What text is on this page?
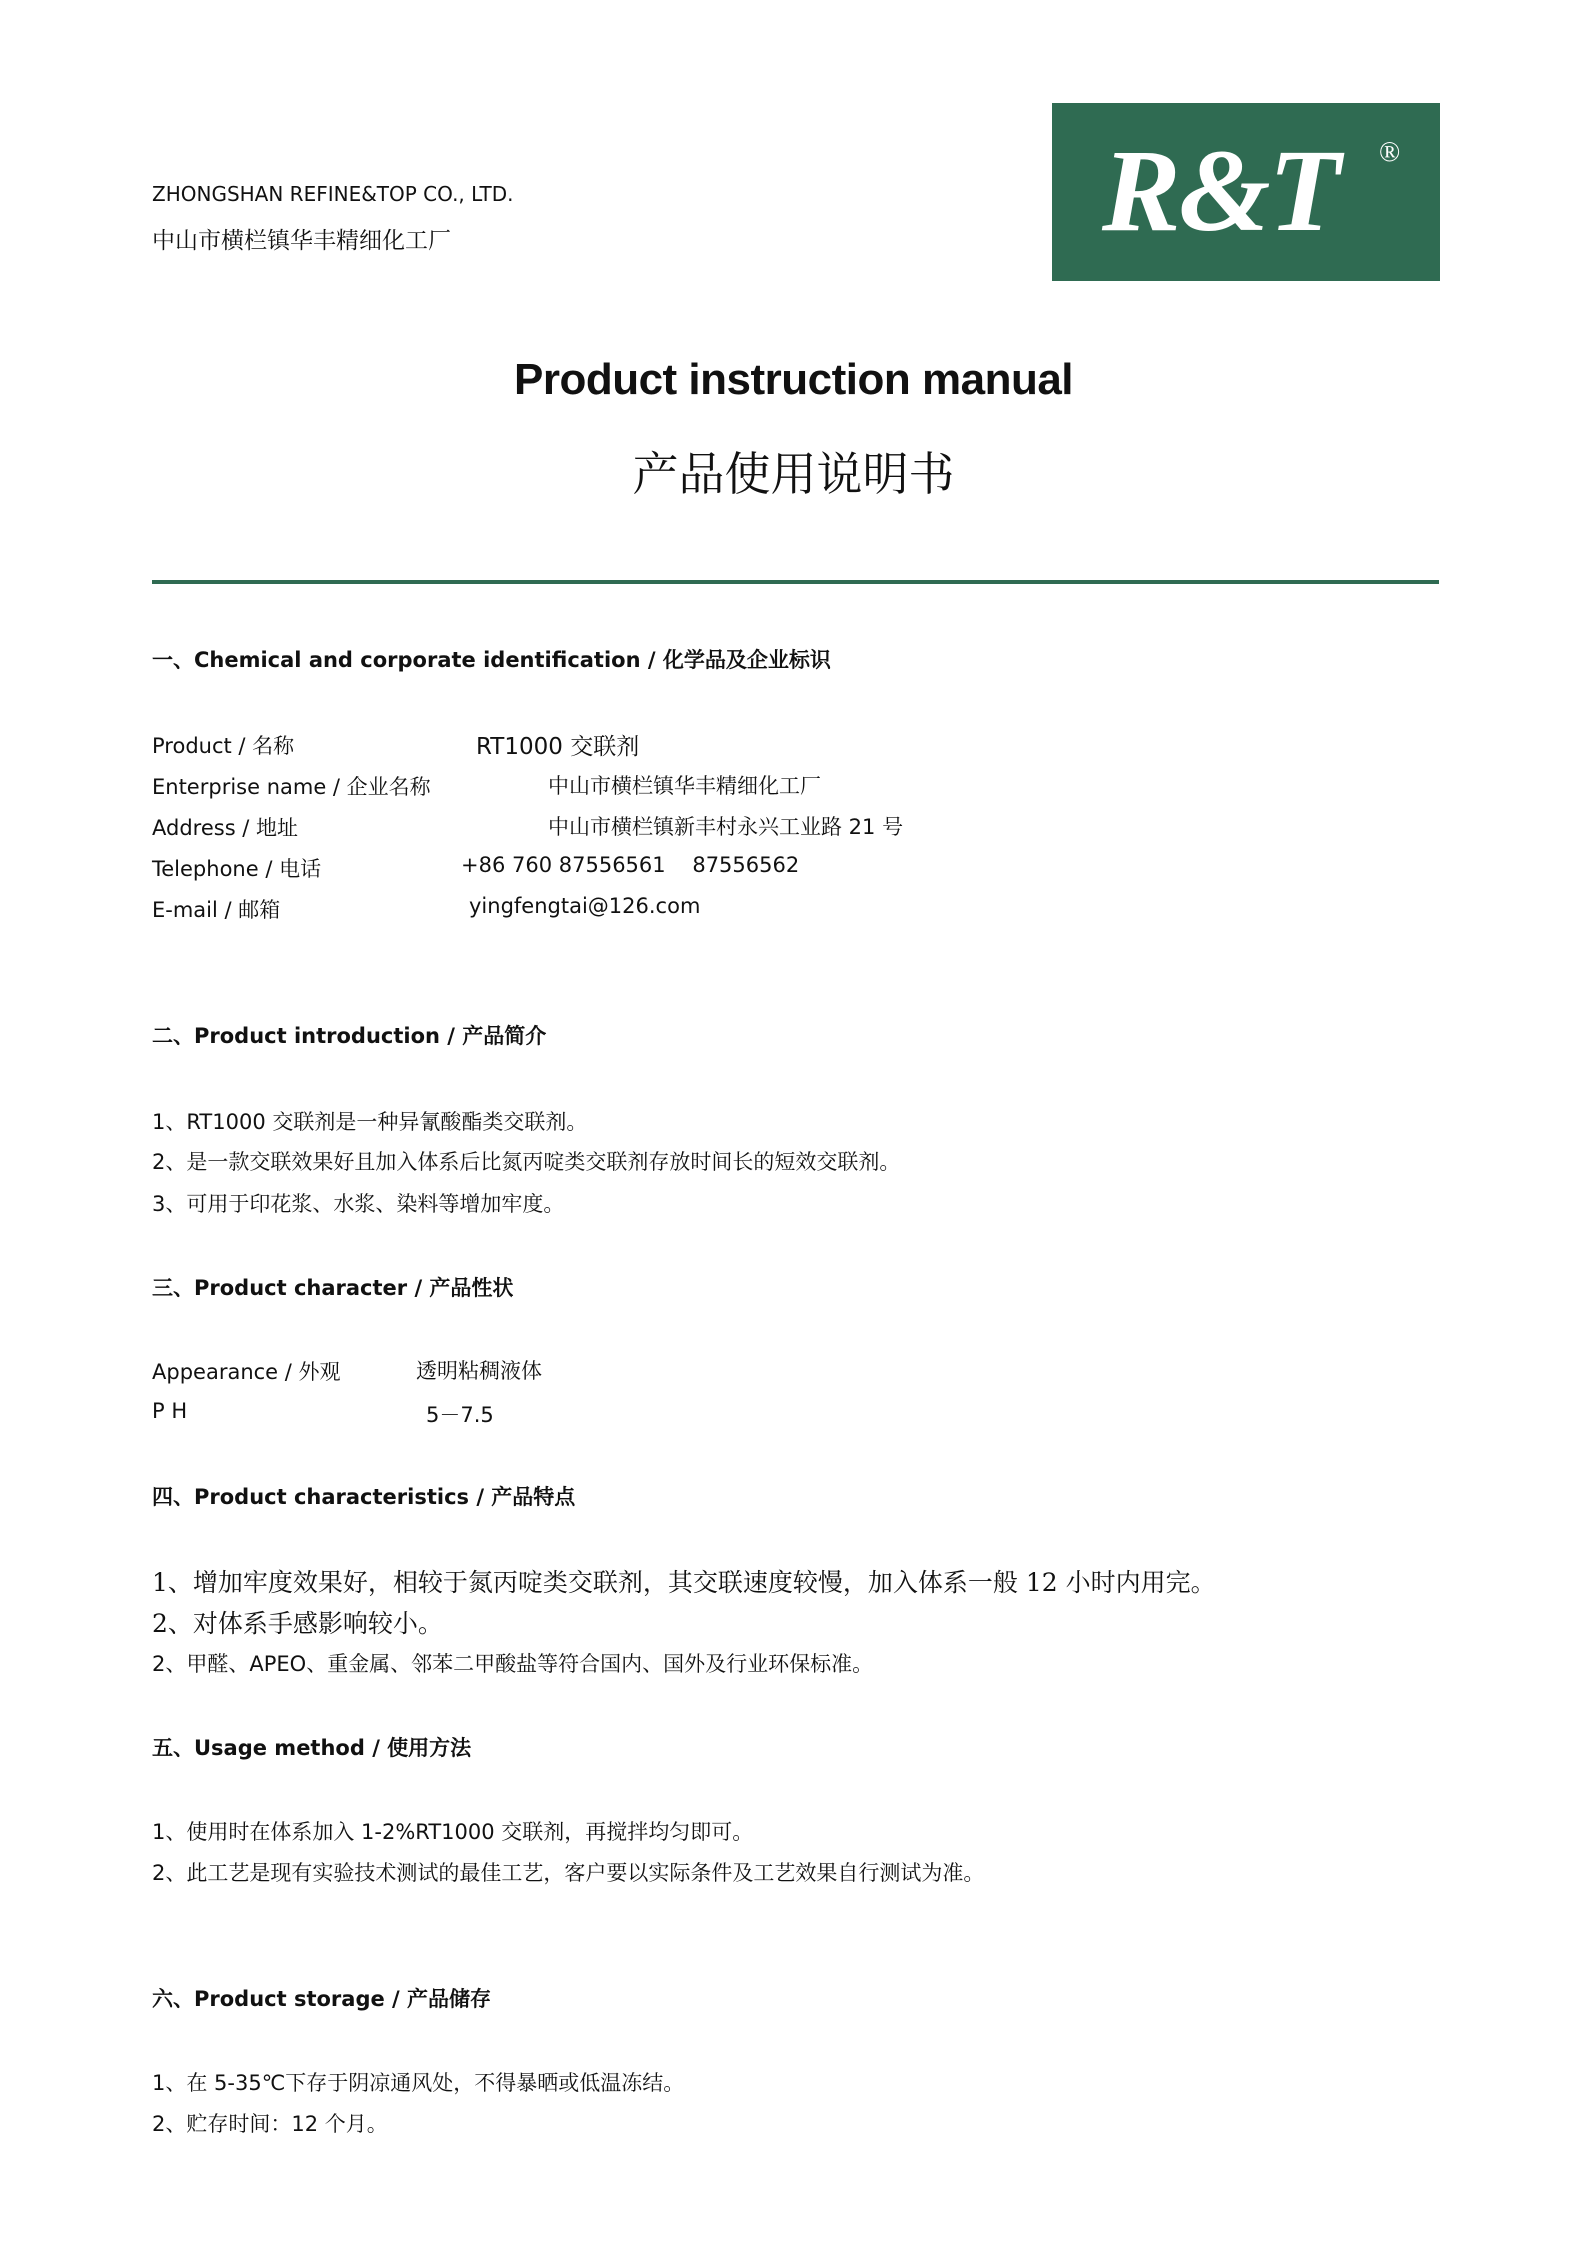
ZHONGSHAN REFINE&TOP CO., LTD.
中山市横栏镇华丰精细化工厂	R&T ®
Product instruction manual
产品使用说明书
一、Chemical and corporate identification / 化学品及企业标识
Product / 名称	RT1000 交联剂
Enterprise name / 企业名称	中山市横栏镇华丰精细化工厂
Address / 地址	中山市横栏镇新丰村永兴工业路 21 号
Telephone / 电话	+86 760 87556561    87556562
E-mail / 邮箱	yingfengtai@126.com
二、Product introduction / 产品简介
1、RT1000 交联剂是一种异氰酸酯类交联剂。
2、是一款交联效果好且加入体系后比氮丙啶类交联剂存放时间长的短效交联剂。
3、可用于印花浆、水浆、染料等增加牢度。
三、Product character / 产品性状
Appearance / 外观	透明粘稠液体
P H	5－7.5
四、Product characteristics / 产品特点
1、增加牢度效果好，相较于氮丙啶类交联剂，其交联速度较慢，加入体系一般 12 小时内用完。
2、对体系手感影响较小。
2、甲醛、APEO、重金属、邻苯二甲酸盐等符合国内、国外及行业环保标准。
五、Usage method / 使用方法
1、使用时在体系加入 1-2%RT1000 交联剂，再搅拌均匀即可。
2、此工艺是现有实验技术测试的最佳工艺，客户要以实际条件及工艺效果自行测试为准。
六、Product storage / 产品储存
1、在 5-35℃下存于阴凉通风处，不得暴晒或低温冻结。
2、贮存时间：12 个月。
